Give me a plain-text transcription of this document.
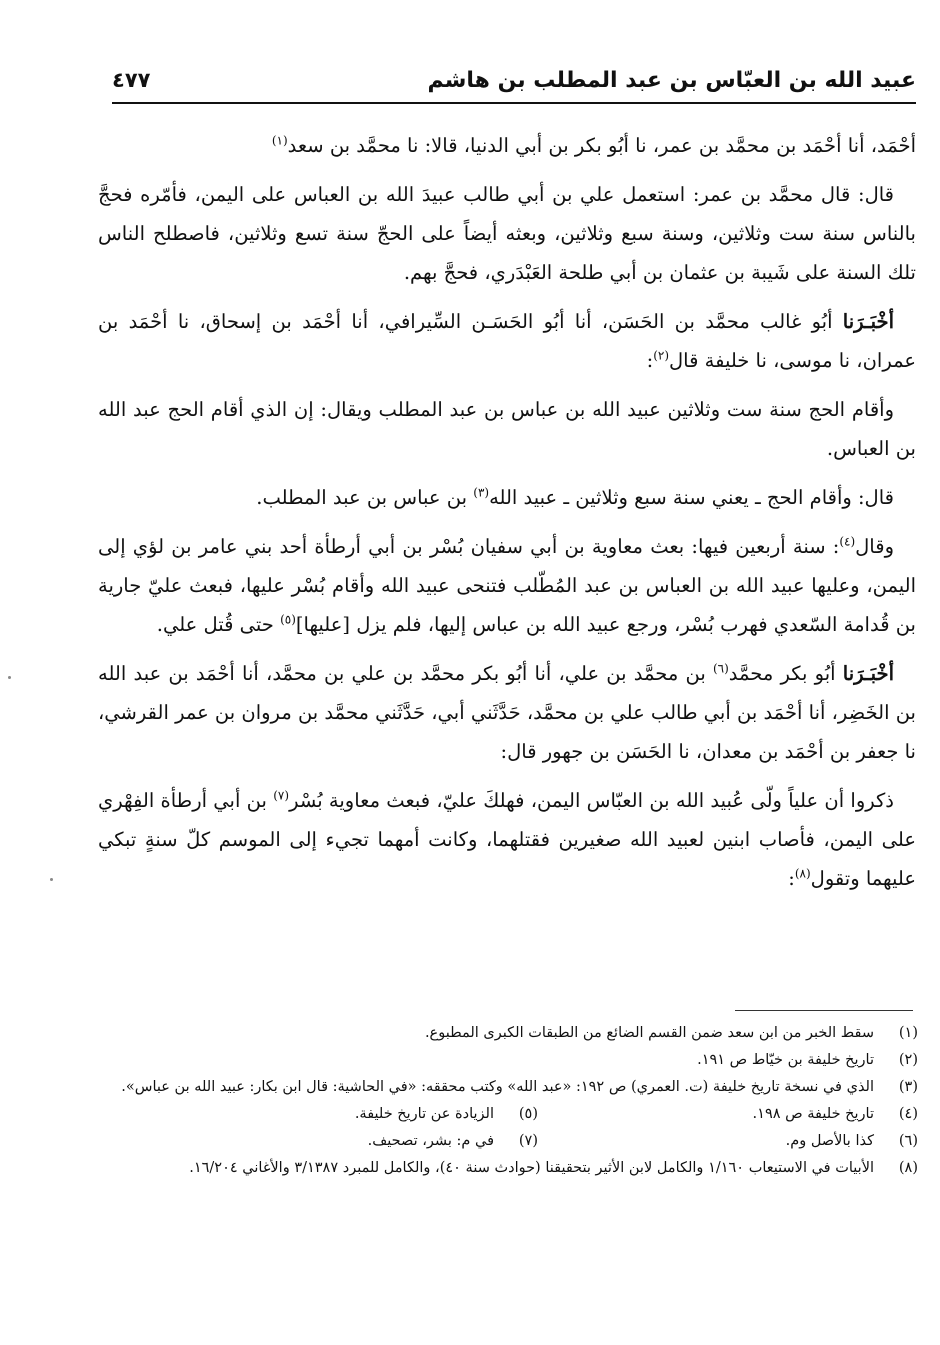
عبيد الله بن العبّاس بن عبد المطلب بن هاشم
٤٧٧

أحْمَد، أنا أحْمَد بن محمَّد بن عمر، نا أبُو بكر بن أبي الدنيا، قالا: نا محمَّد بن سعد$^{(١)}$

قال: قال محمَّد بن عمر: استعمل علي بن أبي طالب عبيدَ الله بن العباس على اليمن، فأمّره فحجَّ بالناس سنة ست وثلاثين، وسنة سبع وثلاثين، وبعثه أيضاً على الحجّ سنة تسع وثلاثين، فاصطلح الناس تلك السنة على شَيبة بن عثمان بن أبي طلحة العَبْدَري، فحجَّ بهم.

أخْبَـرَنا أبُو غالب محمَّد بن الحَسَن، أنا أبُو الحَسَـن السِّيرافي، أنا أحْمَد بن إسحاق، نا أحْمَد بن عمران، نا موسى، نا خليفة قال$^{(٢)}$:

وأقام الحج سنة ست وثلاثين عبيد الله بن عباس بن عبد المطلب ويقال: إن الذي أقام الحج عبد الله بن العباس.

قال: وأقام الحج ـ يعني سنة سبع وثلاثين ـ عبيد الله$^{(٣)}$ بن عباس بن عبد المطلب.

وقال$^{(٤)}$: سنة أربعين فيها: بعث معاوية بن أبي سفيان بُسْر بن أبي أرطأة أحد بني عامر بن لؤي إلى اليمن، وعليها عبيد الله بن العباس بن عبد المُطّلب فتنحى عبيد الله وأقام بُسْر عليها، فبعث عليّ جارية بن قُدامة السّعدي فهرب بُسْر، ورجع عبيد الله بن عباس إليها، فلم يزل [عليها]$^{(٥)}$ حتى قُتل علي.

أخْبَـرَنا أبُو بكر محمَّد$^{(٦)}$ بن محمَّد بن علي، أنا أبُو بكر محمَّد بن علي بن محمَّد، أنا أحْمَد بن عبد الله بن الخَضِر، أنا أحْمَد بن أبي طالب علي بن محمَّد، حَدَّثَني أبي، حَدَّثَني محمَّد بن مروان بن عمر القرشي، نا جعفر بن أحْمَد بن معدان، نا الحَسَن بن جهور قال:

ذكروا أن علياً ولّى عُبيد الله بن العبّاس اليمن، فهلكَ عليّ، فبعث معاوية بُسْر$^{(٧)}$ بن أبي أرطأة الفِهْري على اليمن، فأصاب ابنين لعبيد الله صغيرين فقتلهما، وكانت أمهما تجيء إلى الموسم كلّ سنةٍ تبكي عليهما وتقول$^{(٨)}$:

(١)
سقط الخبر من ابن سعد ضمن القسم الضائع من الطبقات الكبرى المطبوع.
(٢)
تاريخ خليفة بن خيّاط ص ١٩١.
(٣)
الذي في نسخة تاريخ خليفة (ت. العمري) ص ١٩٢: «عبد الله» وكتب محققه: «في الحاشية: قال ابن بكار: عبيد الله بن عباس».
(٤)
تاريخ خليفة ص ١٩٨.
(٥)
الزيادة عن تاريخ خليفة.
(٦)
كذا بالأصل وم.
(٧)
في م: بشر، تصحيف.
(٨)
الأبيات في الاستيعاب ١/١٦٠ والكامل لابن الأثير بتحقيقنا (حوادث سنة ٤٠)، والكامل للمبرد ٣/١٣٨٧ والأغاني ١٦/٢٠٤.
